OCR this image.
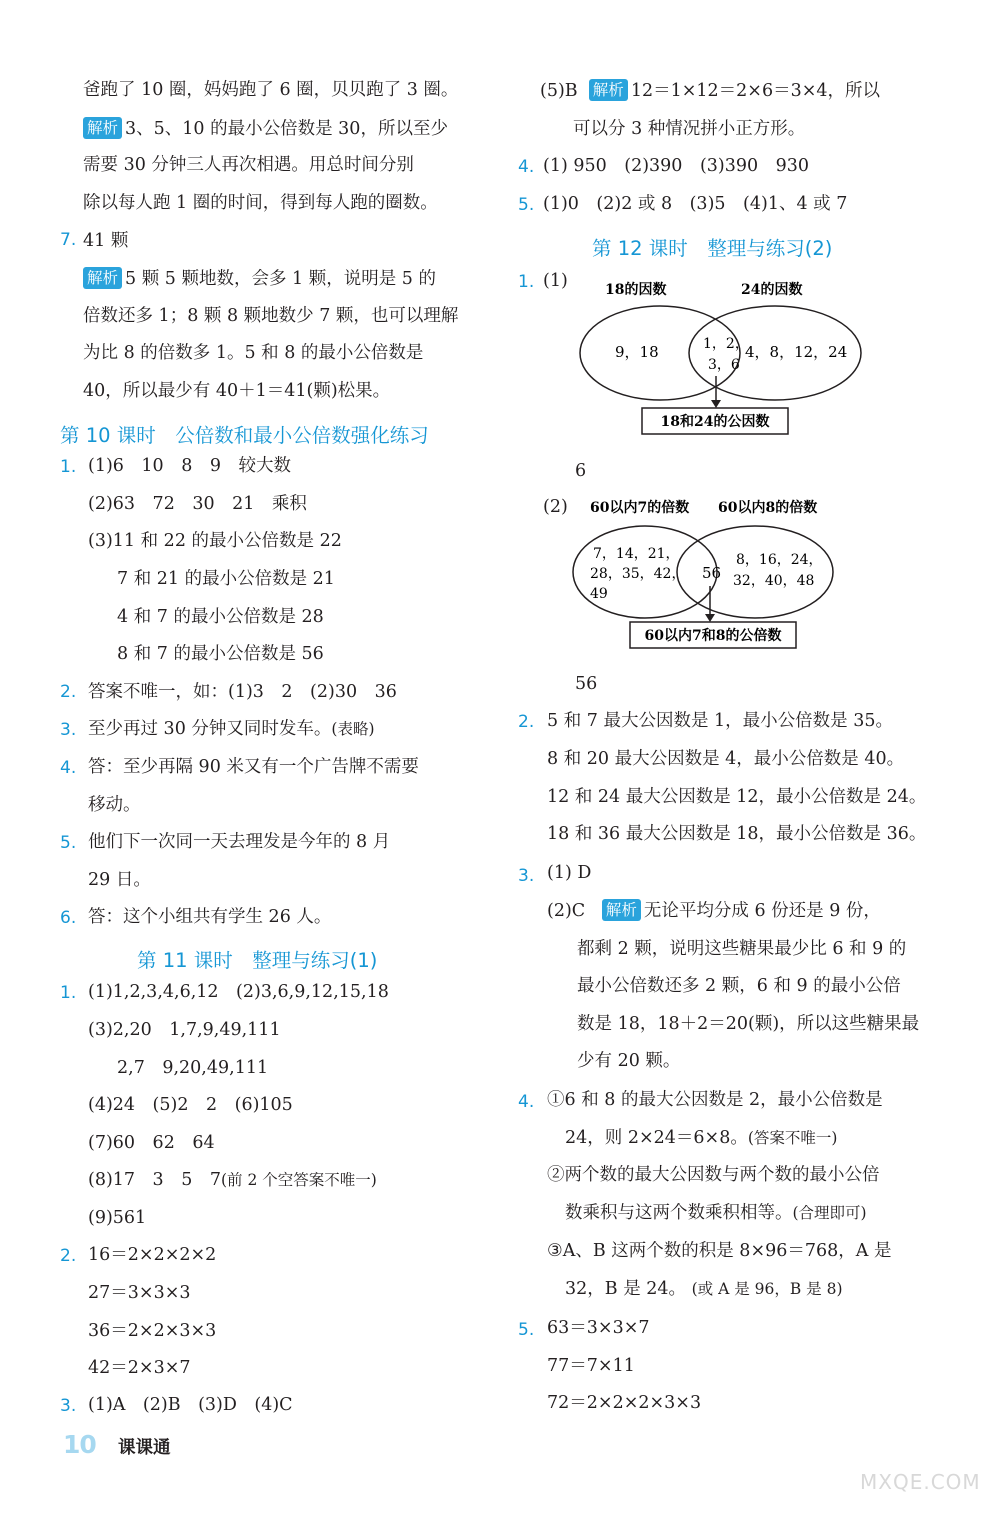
爸跑了 10 圈，妈妈跑了 6 圈，贝贝跑了 3 圈。
解析 3、5、10 的最小公倍数是 30，所以至少
需要 30 分钟三人再次相遇。用总时间分别
除以每人跑 1 圈的时间，得到每人跑的圈数。
7. 41 颗
解析 5 颗 5 颗地数，会多 1 颗，说明是 5 的
倍数还多 1；8 颗 8 颗地数少 7 颗，也可以理解
为比 8 的倍数多 1。5 和 8 的最小公倍数是
40，所以最少有 40＋1＝41(颗)松果。
第 10 课时　公倍数和最小公倍数强化练习
1. (1)6　10　8　9　较大数
(2)63　72　30　21　乘积
(3)11 和 22 的最小公倍数是 22
7 和 21 的最小公倍数是 21
4 和 7 的最小公倍数是 28
8 和 7 的最小公倍数是 56
2. 答案不唯一，如：(1)3　2　(2)30　36
3. 至少再过 30 分钟又同时发车。(表略)
4. 答：至少再隔 90 米又有一个广告牌不需要
移动。
5. 他们下一次同一天去理发是今年的 8 月
29 日。
6. 答：这个小组共有学生 26 人。
第 11 课时　整理与练习(1)
1. (1)1,2,3,4,6,12　(2)3,6,9,12,15,18
(3)2,20　1,7,9,49,111
2,7　9,20,49,111
(4)24　(5)2　2　(6)105
(7)60　62　64
(8)17　3　5　7(前 2 个空答案不唯一)
(9)561
2. 16＝2×2×2×2
27＝3×3×3
36＝2×2×3×3
42＝2×3×7
3. (1)A　(2)B　(3)D　(4)C
(5)B 解析 12＝1×12＝2×6＝3×4，所以
可以分 3 种情况拼小正方形。
4. (1) 950　(2)390　(3)390　930
5. (1)0　(2)2 或 8　(3)5　(4)1、4 或 7
第 12 课时　整理与练习(2)
1. (1)	18的因数	24的因数
9，18	1，2，
3，6
4，8，12，24
18和24的公因数
6
(2) 60以内7的倍数 60以内8的倍数
7，14，21，
28，35，42，
49
56
8，16，24，
32，40，48
60以内7和8的公倍数
56
2. 5 和 7 最大公因数是 1，最小公倍数是 35。
8 和 20 最大公因数是 4，最小公倍数是 40。
12 和 24 最大公因数是 12，最小公倍数是 24。
18 和 36 最大公因数是 18，最小公倍数是 36。
3. (1) D
(2)C 解析 无论平均分成 6 份还是 9 份，
都剩 2 颗，说明这些糖果最少比 6 和 9 的
最小公倍数还多 2 颗，6 和 9 的最小公倍
数是 18，18＋2＝20(颗)，所以这些糖果最
少有 20 颗。
4. ①6 和 8 的最大公因数是 2，最小公倍数是
24，则 2×24＝6×8。(答案不唯一)
②两个数的最大公因数与两个数的最小公倍
数乘积与这两个数乘积相等。(合理即可)
③A、B 这两个数的积是 8×96＝768，A 是
32，B 是 24。 (或 A 是 96，B 是 8)
5. 63＝3×3×7
77＝7×11
72＝2×2×2×3×3
10 课课通
MXQE.COM
